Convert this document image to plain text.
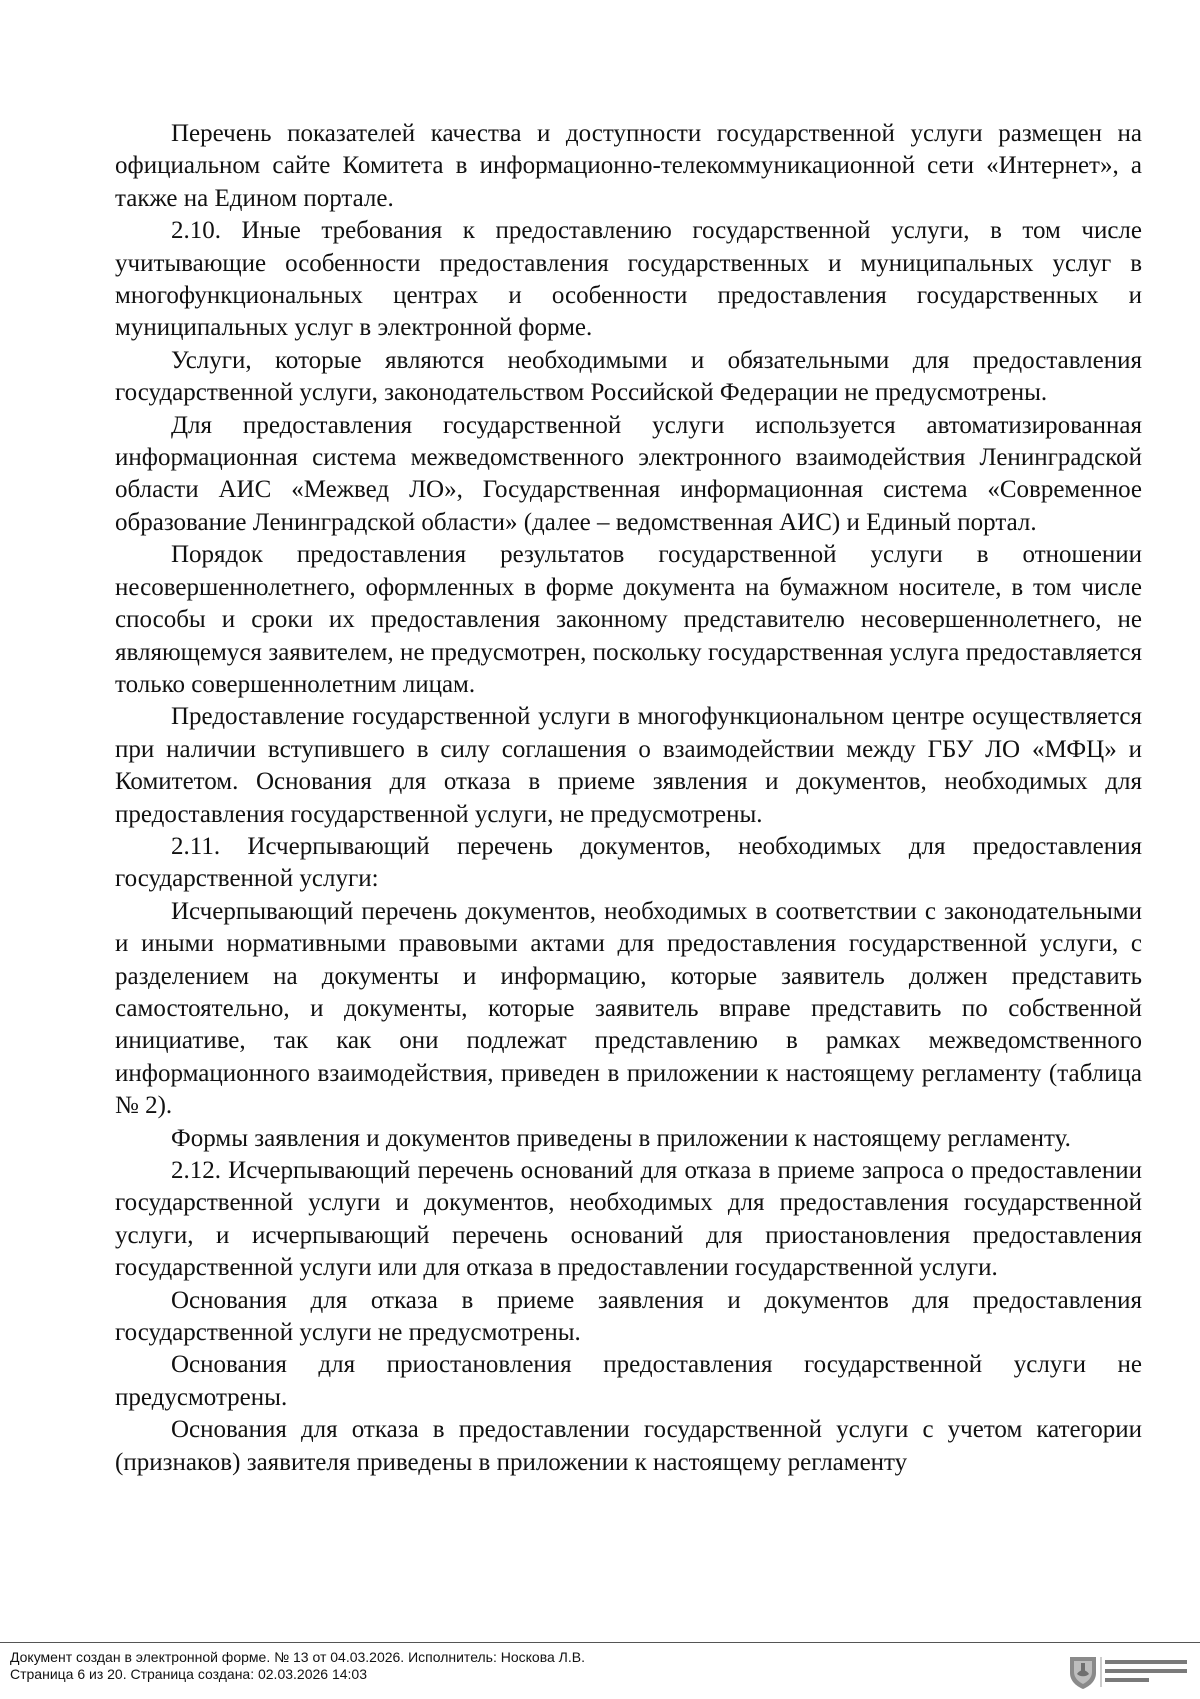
Перечень показателей качества и доступности государственной услуги размещен на официальном сайте Комитета в информационно-телекоммуникационной сети «Интернет», а также на Едином портале.

2.10. Иные требования к предоставлению государственной услуги, в том числе учитывающие особенности предоставления государственных и муниципальных услуг в многофункциональных центрах и особенности предоставления государственных и муниципальных услуг в электронной форме.

Услуги, которые являются необходимыми и обязательными для предоставления государственной услуги, законодательством Российской Федерации не предусмотрены.

Для предоставления государственной услуги используется автоматизированная информационная система межведомственного электронного взаимодействия Ленинградской области АИС «Межвед ЛО», Государственная информационная система «Современное образование Ленинградской области» (далее – ведомственная АИС) и Единый портал.

Порядок предоставления результатов государственной услуги в отношении несовершеннолетнего, оформленных в форме документа на бумажном носителе, в том числе способы и сроки их предоставления законному представителю несовершеннолетнего, не являющемуся заявителем, не предусмотрен, поскольку государственная услуга предоставляется только совершеннолетним лицам.

Предоставление государственной услуги в многофункциональном центре осуществляется при наличии вступившего в силу соглашения о взаимодействии между ГБУ ЛО «МФЦ» и Комитетом. Основания для отказа в приеме зявления и документов, необходимых для предоставления государственной услуги, не предусмотрены.

2.11. Исчерпывающий перечень документов, необходимых для предоставления государственной услуги:

Исчерпывающий перечень документов, необходимых в соответствии с законодательными и иными нормативными правовыми актами для предоставления государственной услуги, с разделением на документы и информацию, которые заявитель должен представить самостоятельно, и документы, которые заявитель вправе представить по собственной инициативе, так как они подлежат представлению в рамках межведомственного информационного взаимодействия, приведен в приложении к настоящему регламенту (таблица № 2).

Формы заявления и документов приведены в приложении к настоящему регламенту.

2.12. Исчерпывающий перечень оснований для отказа в приеме запроса о предоставлении государственной услуги и документов, необходимых для предоставления государственной услуги, и исчерпывающий перечень оснований для приостановления предоставления государственной услуги или для отказа в предоставлении государственной услуги.

Основания для отказа в приеме заявления и документов для предоставления государственной услуги не предусмотрены.

Основания для приостановления предоставления государственной услуги не предусмотрены.

Основания для отказа в предоставлении государственной услуги с учетом категории (признаков) заявителя приведены в приложении к настоящему регламенту

Документ создан в электронной форме. № 13 от 04.03.2026. Исполнитель: Носкова Л.В.
Страница 6 из 20. Страница создана: 02.03.2026 14:03
